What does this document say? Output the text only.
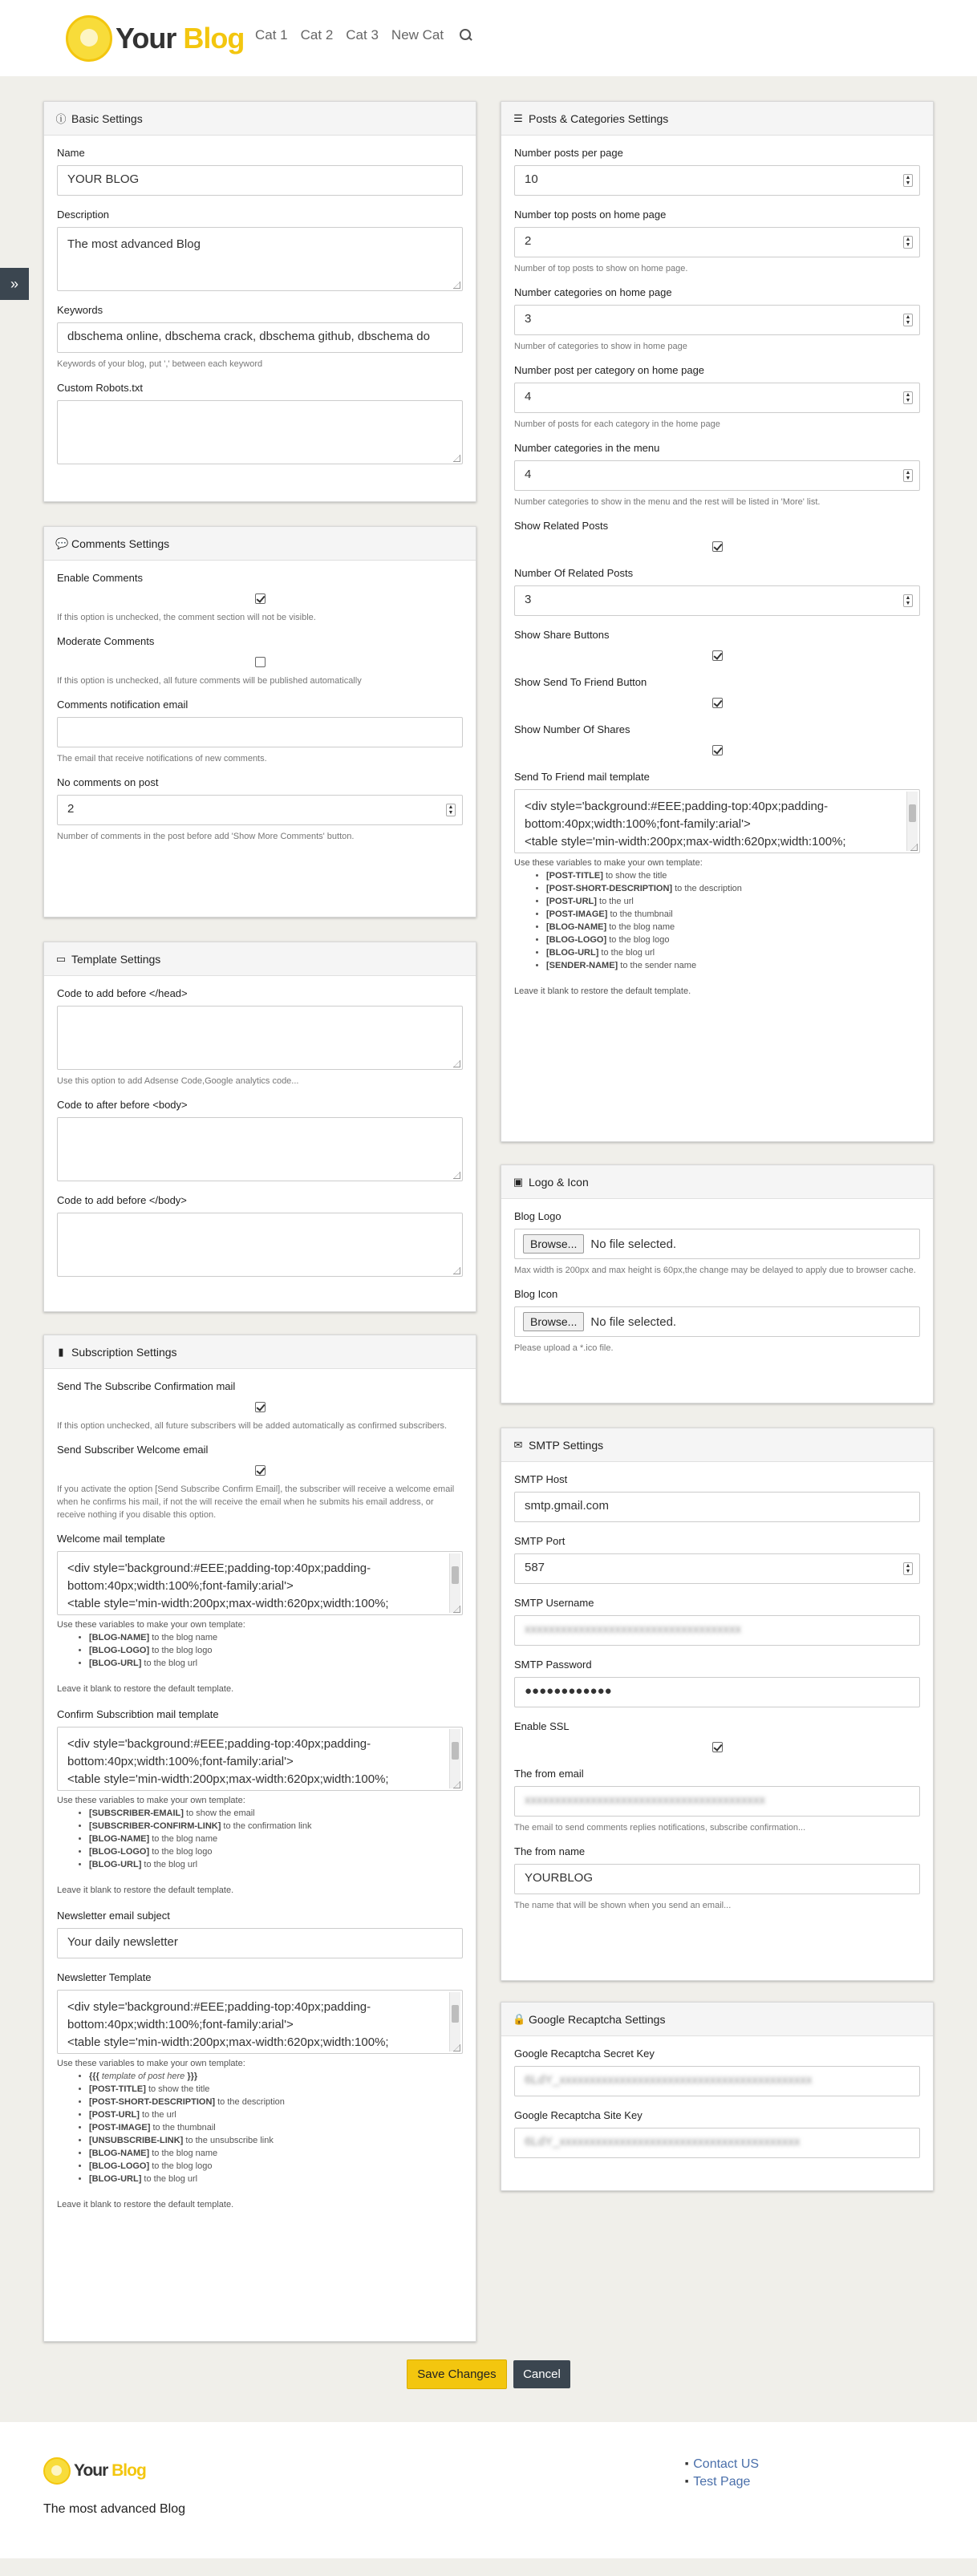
Your Blog Cat 1 Cat 2 Cat 3 New Cat
»
ⓘ Basic Settings
Name
YOUR BLOG
Description
The most advanced Blog
Keywords
dbschema online, dbschema crack, dbschema github, dbschema do
Keywords of your blog, put ',' between each keyword
Custom Robots.txt
💬 Comments Settings
Enable Comments
If this option is unchecked, the comment section will not be visible.
Moderate Comments
If this option is unchecked, all future comments will be published automatically
Comments notification email
The email that receive notifications of new comments.
No comments on post
2	▲
▼
Number of comments in the post before add 'Show More Comments' button.
▭ Template Settings
Code to add before </head>
Use this option to add Adsense Code,Google analytics code...
Code to after before <body>
Code to add before </body>
▮ Subscription Settings
Send The Subscribe Confirmation mail
If this option unchecked, all future subscribers will be added automatically as confirmed subscribers.
Send Subscriber Welcome email
If you activate the option [Send Subscribe Confirm Email], the subscriber will receive a welcome email when he confirms his mail, if not the will receive the email when he submits his email address, or receive nothing if you disable this option.
Welcome mail template
<div style='background:#EEE;padding-top:40px;padding-
bottom:40px;width:100%;font-family:arial'>
<table style='min-width:200px;max-width:620px;width:100%;
Use these variables to make your own template:
• [BLOG-NAME] to the blog name
• [BLOG-LOGO] to the blog logo
• [BLOG-URL] to the blog url
Leave it blank to restore the default template.
Confirm Subscribtion mail template
<div style='background:#EEE;padding-top:40px;padding-
bottom:40px;width:100%;font-family:arial'>
<table style='min-width:200px;max-width:620px;width:100%;
Use these variables to make your own template:
• [SUBSCRIBER-EMAIL] to show the email
• [SUBSCRIBER-CONFIRM-LINK] to the confirmation link
• [BLOG-NAME] to the blog name
• [BLOG-LOGO] to the blog logo
• [BLOG-URL] to the blog url
Leave it blank to restore the default template.
Newsletter email subject
Your daily newsletter
Newsletter Template
<div style='background:#EEE;padding-top:40px;padding-
bottom:40px;width:100%;font-family:arial'>
<table style='min-width:200px;max-width:620px;width:100%;
Use these variables to make your own template:
• {{{ template of post here }}}
• [POST-TITLE] to show the title
• [POST-SHORT-DESCRIPTION] to the description
• [POST-URL] to the url
• [POST-IMAGE] to the thumbnail
• [UNSUBSCRIBE-LINK] to the unsubscribe link
• [BLOG-NAME] to the blog name
• [BLOG-LOGO] to the blog logo
• [BLOG-URL] to the blog url
Leave it blank to restore the default template.
☰ Posts & Categories Settings
Number posts per page
10	▲
▼
Number top posts on home page
2	▲
▼
Number of top posts to show on home page.
Number categories on home page
3	▲
▼
Number of categories to show in home page
Number post per category on home page
4	▲
▼
Number of posts for each category in the home page
Number categories in the menu
4	▲
▼
Number categories to show in the menu and the rest will be listed in 'More' list.
Show Related Posts
Number Of Related Posts
3	▲
▼
Show Share Buttons
Show Send To Friend Button
Show Number Of Shares
Send To Friend mail template
<div style='background:#EEE;padding-top:40px;padding-
bottom:40px;width:100%;font-family:arial'>
<table style='min-width:200px;max-width:620px;width:100%;
Use these variables to make your own template:
• [POST-TITLE] to show the title
• [POST-SHORT-DESCRIPTION] to the description
• [POST-URL] to the url
• [POST-IMAGE] to the thumbnail
• [BLOG-NAME] to the blog name
• [BLOG-LOGO] to the blog logo
• [BLOG-URL] to the blog url
• [SENDER-NAME] to the sender name
Leave it blank to restore the default template.
▣ Logo & Icon
Blog Logo
Browse...	No file selected.
Max width is 200px and max height is 60px,the change may be delayed to apply due to browser cache.
Blog Icon
Browse...	No file selected.
Please upload a *.ico file.
✉ SMTP Settings
SMTP Host
smtp.gmail.com
SMTP Port
587	▲
▼
SMTP Username
xxxxxxxxxxxxxxxxxxxxxxxxxxxxxxxxxxxx
SMTP Password
●●●●●●●●●●●●
Enable SSL
The from email
xxxxxxxxxxxxxxxxxxxxxxxxxxxxxxxxxxxxxxxx
The email to send comments replies notifications, subscribe confirmation...
The from name
YOURBLOG
The name that will be shown when you send an email...
🔒 Google Recaptcha Settings
Google Recaptcha Secret Key
6LdY_xxxxxxxxxxxxxxxxxxxxxxxxxxxxxxxxxxxxxxxxxx
Google Recaptcha Site Key
6LdY_xxxxxxxxxxxxxxxxxxxxxxxxxxxxxxxxxxxxxxxx
Save Changes Cancel
Your Blog
The most advanced Blog
■ Contact US
■ Test Page
